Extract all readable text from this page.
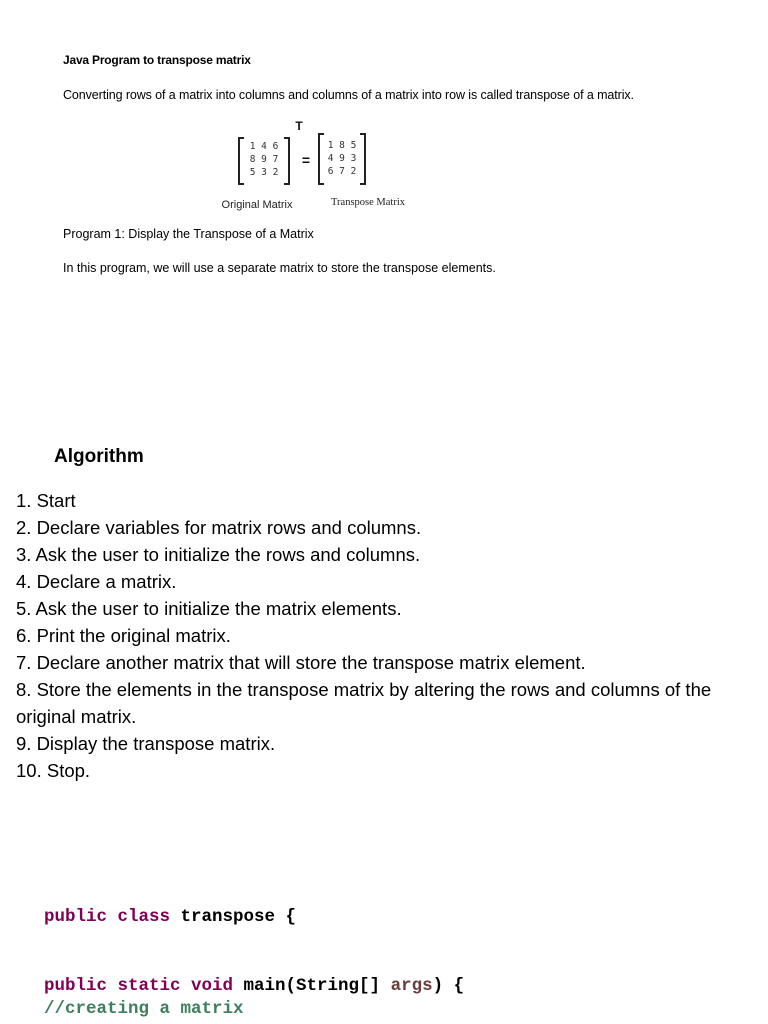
Java Program to transpose matrix
Converting rows of a matrix into columns and columns of a matrix into row is called transpose of a matrix.
1 4 6
8 9 7
5 3 2
T
=
1 8 5
4 9 3
6 7 2
Original Matrix	Transpose Matrix
Program 1: Display the Transpose of a Matrix
In this program, we will use a separate matrix to store the transpose elements.
Algorithm
1. Start
2. Declare variables for matrix rows and columns.
3. Ask the user to initialize the rows and columns.
4. Declare a matrix.
5. Ask the user to initialize the matrix elements.
6. Print the original matrix.
7. Declare another matrix that will store the transpose matrix element.
8. Store the elements in the transpose matrix by altering the rows and columns of the original matrix.
9. Display the transpose matrix.
10. Stop.
public class transpose {
public static void main(String[] args) {
//creating a matrix
